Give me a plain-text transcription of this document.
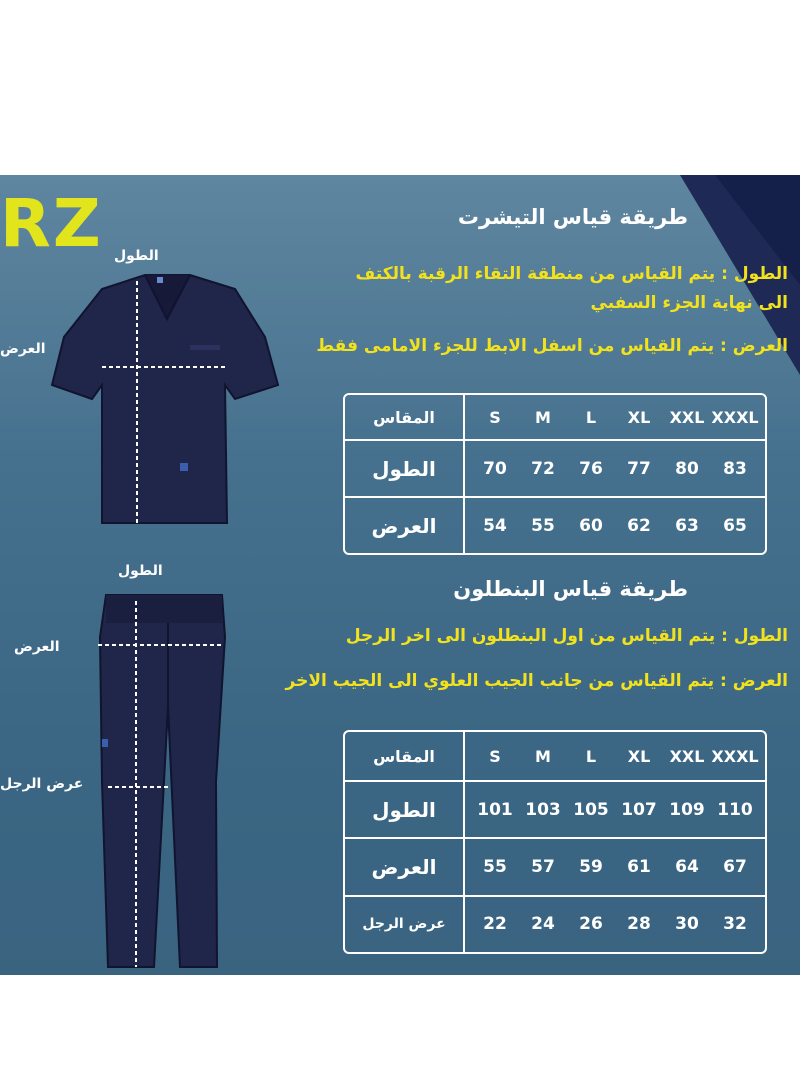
RZ الطول
العرض
الطول
العرض
عرض الرجل
طريقة قياس التيشرت
الطول : يتم القياس من منطقة التقاء الرقبة بالكتف
الى نهاية الجزء السفبي
العرض : يتم القياس من اسفل الابط للجزء الامامى فقط
المقاس	S	M	L	XL	XXL XXXL
الطول	70	72	76	77	80	83
العرض	54	55	60	62	63	65
طريقة قياس البنطلون
الطول : يتم القياس من اول البنطلون الى اخر الرجل
العرض : يتم القياس من جانب الجيب العلوي الى الجيب الاخر
المقاس	S	M	L	XL	XXL XXXL
الطول	101 103 105 107 109 110
العرض	55	57	59	61	64	67
عرض الرجل	22	24	26	28	30	32
